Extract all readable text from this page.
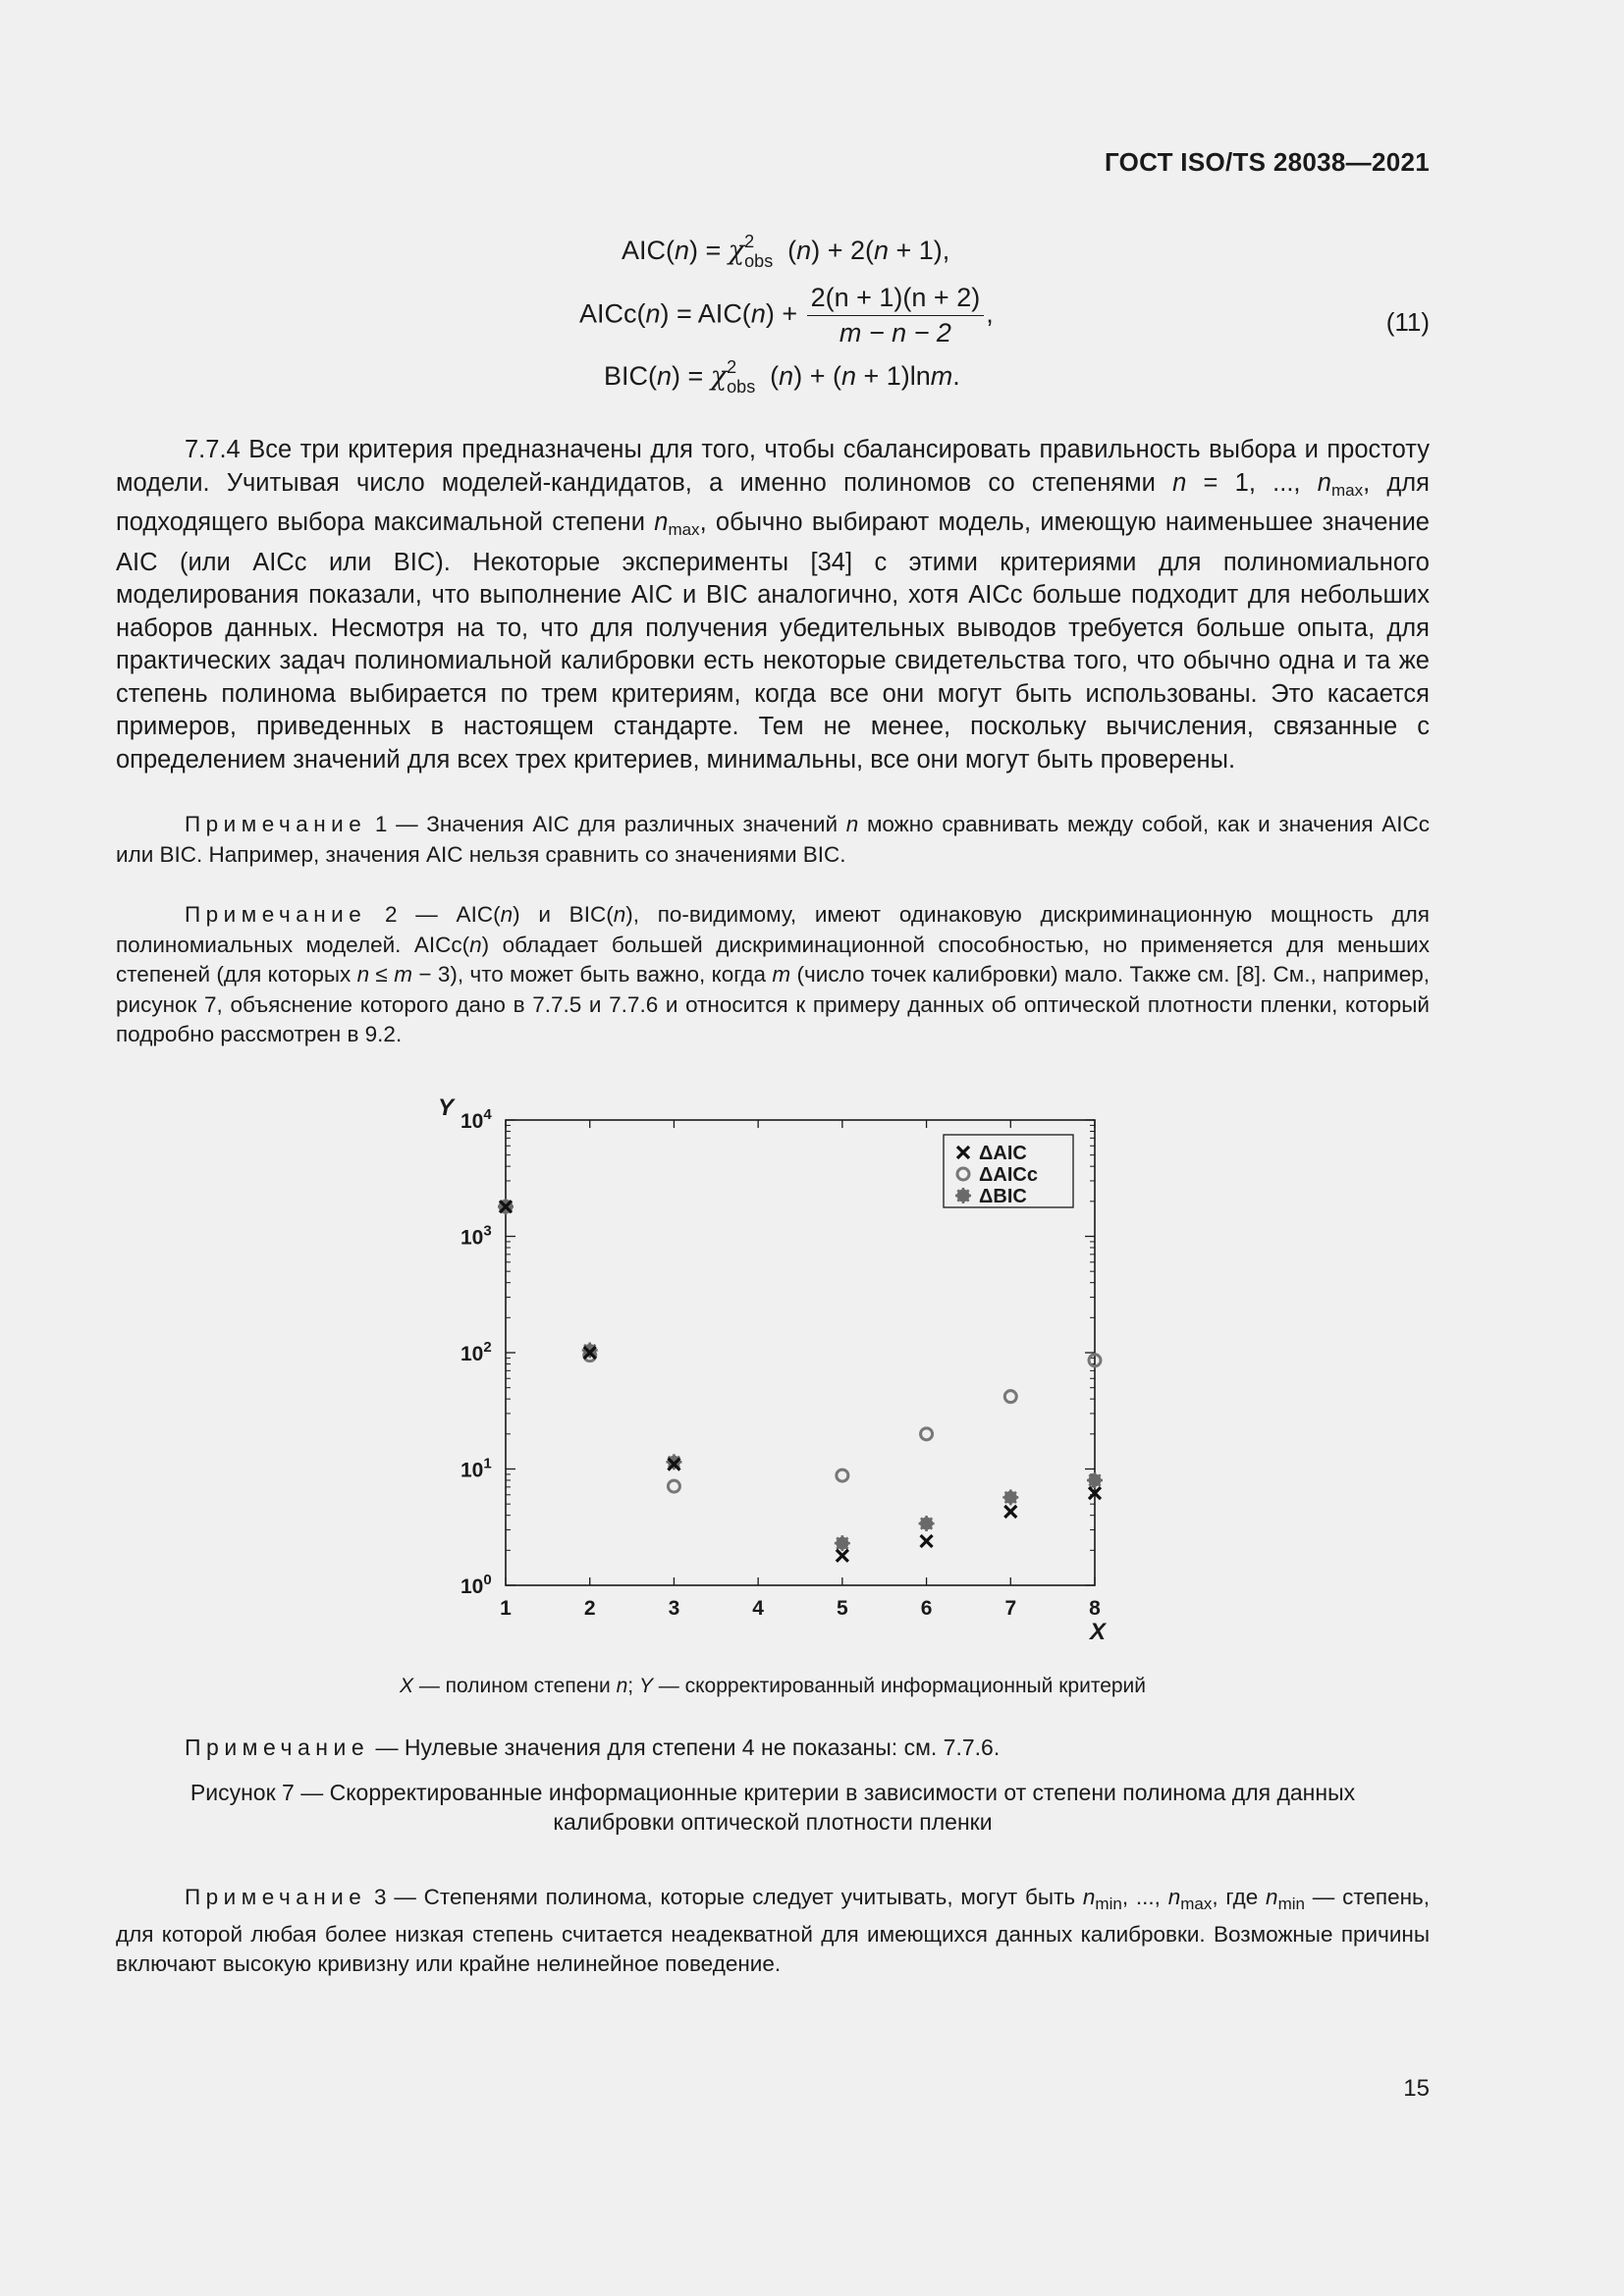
ГОСТ ISO/TS 28038—2021
AIC(n) = χ 2
obs (n) + 2(n + 1),
AICc(n) = $AIC(n) + \frac{2(n + 1)(n + 2)}{m - n - 2}$ ,
BIC(n) = χ 2
obs (n) + (n + 1)lnm.
(11)
7.7.4 Все три критерия предназначены для того, чтобы сбалансировать правильность выбора и простоту модели. Учитывая число моделей-кандидатов, а именно полиномов со степенями n = 1, ..., $n_{max}$, для подходящего выбора максимальной степени $n_{max}$, обычно выбирают модель, имеющую наименьшее значение AIC (или AICc или BIC). Некоторые эксперименты [34] с этими критериями для полиномиального моделирования показали, что выполнение AIC и BIC аналогично, хотя AICc больше подходит для небольших наборов данных. Несмотря на то, что для получения убедительных выводов требуется больше опыта, для практических задач полиномиальной калибровки есть некоторые свидетельства того, что обычно одна и та же степень полинома выбирается по трем критериям, когда все они могут быть использованы. Это касается примеров, приведенных в настоящем стандарте. Тем не менее, поскольку вычисления, связанные с определением значений для всех трех критериев, минимальны, все они могут быть проверены.
Примечание 1 — Значения AIC для различных значений n можно сравнивать между собой, как и значения AICc или BIC. Например, значения AIC нельзя сравнить со значениями BIC.
Примечание 2 — AIC(n) и BIC(n), по-видимому, имеют одинаковую дискриминационную мощность для полиномиальных моделей. AICc(n) обладает большей дискриминационной способностью, но применяется для меньших степеней (для которых n ≤ m − 3), что может быть важно, когда m (число точек калибровки) мало. Также см. [8]. См., например, рисунок 7, объяснение которого дано в 7.7.5 и 7.7.6 и относится к примеру данных об оптической плотности пленки, который подробно рассмотрен в 9.2.
1	2	3	4	5	6	7	8
$10^0$
$10^1$
$10^2$
$10^3$
$10^4$
Y
X
ΔAIC
ΔAICc
ΔBIC
X — полином степени n; Y — скорректированный информационный критерий
Примечание — Нулевые значения для степени 4 не показаны: см. 7.7.6.
Рисунок 7 — Скорректированные информационные критерии в зависимости от степени полинома для данных
калибровки оптической плотности пленки
Примечание 3 — Степенями полинома, которые следует учитывать, могут быть $n_{min}$, ..., $n_{max}$, где $n_{min}$ — степень, для которой любая более низкая степень считается неадекватной для имеющихся данных калибровки. Возможные причины включают высокую кривизну или крайне нелинейное поведение.
15
